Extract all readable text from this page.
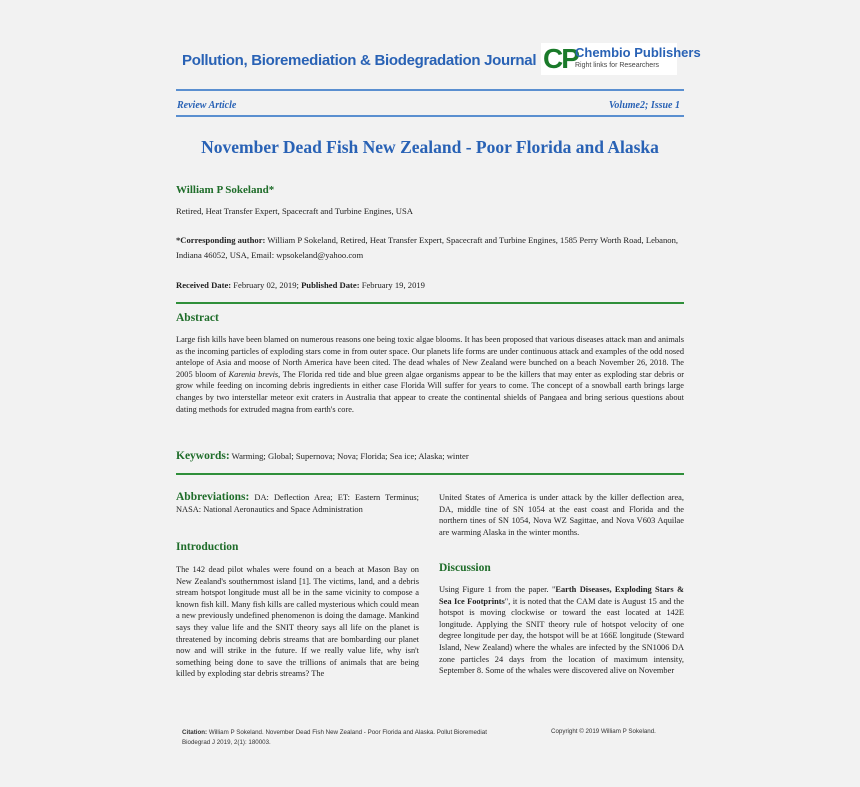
Pollution, Bioremediation & Biodegradation Journal CP
Chembio Publishers
Right links for Researchers
Review Article	Volume2; Issue 1
November Dead Fish New Zealand - Poor Florida and Alaska
William P Sokeland*
Retired, Heat Transfer Expert, Spacecraft and Turbine Engines, USA
*Corresponding author: William P Sokeland, Retired, Heat Transfer Expert, Spacecraft and Turbine Engines, 1585 Perry Worth Road, Lebanon, Indiana 46052, USA, Email: wpsokeland@yahoo.com
Received Date: February 02, 2019; Published Date: February 19, 2019
Abstract
Large fish kills have been blamed on numerous reasons one being toxic algae blooms. It has been proposed that various diseases attack man and animals as the incoming particles of exploding stars come in from outer space. Our planets life forms are under continuous attack and examples of the odd nosed antelope of Asia and moose of North America have been cited. The dead whales of New Zealand were bunched on a beach November 26, 2018. The 2005 bloom of Karenia brevis, The Florida red tide and blue green algae organisms appear to be the killers that may enter as exploding star debris or grow while feeding on incoming debris ingredients in either case Florida Will suffer for years to come. The concept of a snowball earth brings large changes by two interstellar meteor exit craters in Australia that appear to create the continental shields of Pangaea and bring serious questions about dating methods for extruded magna from earth's core.
Keywords: Warming; Global; Supernova; Nova; Florida; Sea ice; Alaska; winter
Abbreviations: DA: Deflection Area; ET: Eastern Terminus; NASA: National Aeronautics and Space Administration
Introduction
The 142 dead pilot whales were found on a beach at Mason Bay on New Zealand's southernmost island [1]. The victims, land, and a debris stream hotspot longitude must all be in the same vicinity to compose a known fish kill. Many fish kills are called mysterious which could mean a new previously undefined phenomenon is doing the damage. Mankind says they value life and the SNIT theory says all life on the planet is threatened by incoming debris streams that are bombarding our planet now and will strike in the future. If we really value life, why isn't something being done to save the trillions of animals that are being killed by exploding star debris streams? The
United States of America is under attack by the killer deflection area, DA, middle tine of SN 1054 at the east coast and Florida and the northern tines of SN 1054, Nova WZ Sagittae, and Nova V603 Aquilae are warming Alaska in the winter months.
Discussion
Using Figure 1 from the paper. "Earth Diseases, Exploding Stars & Sea Ice Footprints", it is noted that the CAM date is August 15 and the hotspot is moving clockwise or toward the east located at 142E longitude. Applying the SNIT theory rule of hotspot velocity of one degree longitude per day, the hotspot will be at 166E longitude (Steward Island, New Zealand) where the whales are infected by the SN1006 DA zone particles 24 days from the location of maximum intensity, September 8. Some of the whales were discovered alive on November
Citation: William P Sokeland. November Dead Fish New Zealand - Poor Florida and Alaska. Pollut Bioremediat Biodegrad J 2019, 2(1): 180003.
Copyright © 2019 William P Sokeland.
